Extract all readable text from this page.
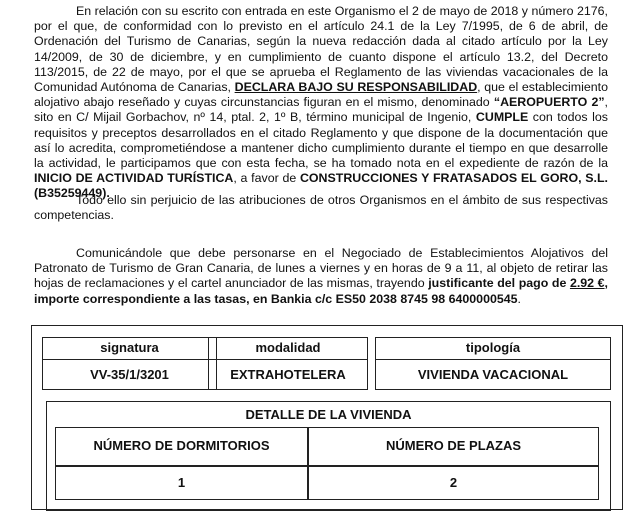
En relación con su escrito con entrada en este Organismo el 2 de mayo de 2018 y número 2176, por el que, de conformidad con lo previsto en el artículo 24.1 de la Ley 7/1995, de 6 de abril, de Ordenación del Turismo de Canarias, según la nueva redacción dada al citado artículo por la Ley 14/2009, de 30 de diciembre, y en cumplimiento de cuanto dispone el artículo 13.2, del Decreto 113/2015, de 22 de mayo, por el que se aprueba el Reglamento de las viviendas vacacionales de la Comunidad Autónoma de Canarias, DECLARA BAJO SU RESPONSABILIDAD, que el establecimiento alojativo abajo reseñado y cuyas circunstancias figuran en el mismo, denominado “AEROPUERTO 2”, sito en C/ Mijail Gorbachov, nº 14, ptal. 2, 1º B, término municipal de Ingenio, CUMPLE con todos los requisitos y preceptos desarrollados en el citado Reglamento y que dispone de la documentación que así lo acredita, comprometiéndose a mantener dicho cumplimiento durante el tiempo en que desarrolle la actividad, le participamos que con esta fecha, se ha tomado nota en el expediente de razón de la INICIO DE ACTIVIDAD TURÍSTICA, a favor de CONSTRUCCIONES Y FRATASADOS EL GORO, S.L. (B35259449).
Todo ello sin perjuicio de las atribuciones de otros Organismos en el ámbito de sus respectivas competencias.
Comunicándole que debe personarse en el Negociado de Establecimientos Alojativos del Patronato de Turismo de Gran Canaria, de lunes a viernes y en horas de 9 a 11, al objeto de retirar las hojas de reclamaciones y el cartel anunciador de las mismas, trayendo justificante del pago de 2.92 €, importe correspondiente a las tasas, en Bankia c/c ES50 2038 8745 98 6400000545.
signatura
VV-35/1/3201
modalidad
EXTRAHOTELERA
tipología
VIVIENDA VACACIONAL
DETALLE DE LA VIVIENDA
NÚMERO DE DORMITORIOS	NÚMERO DE PLAZAS
1	2
